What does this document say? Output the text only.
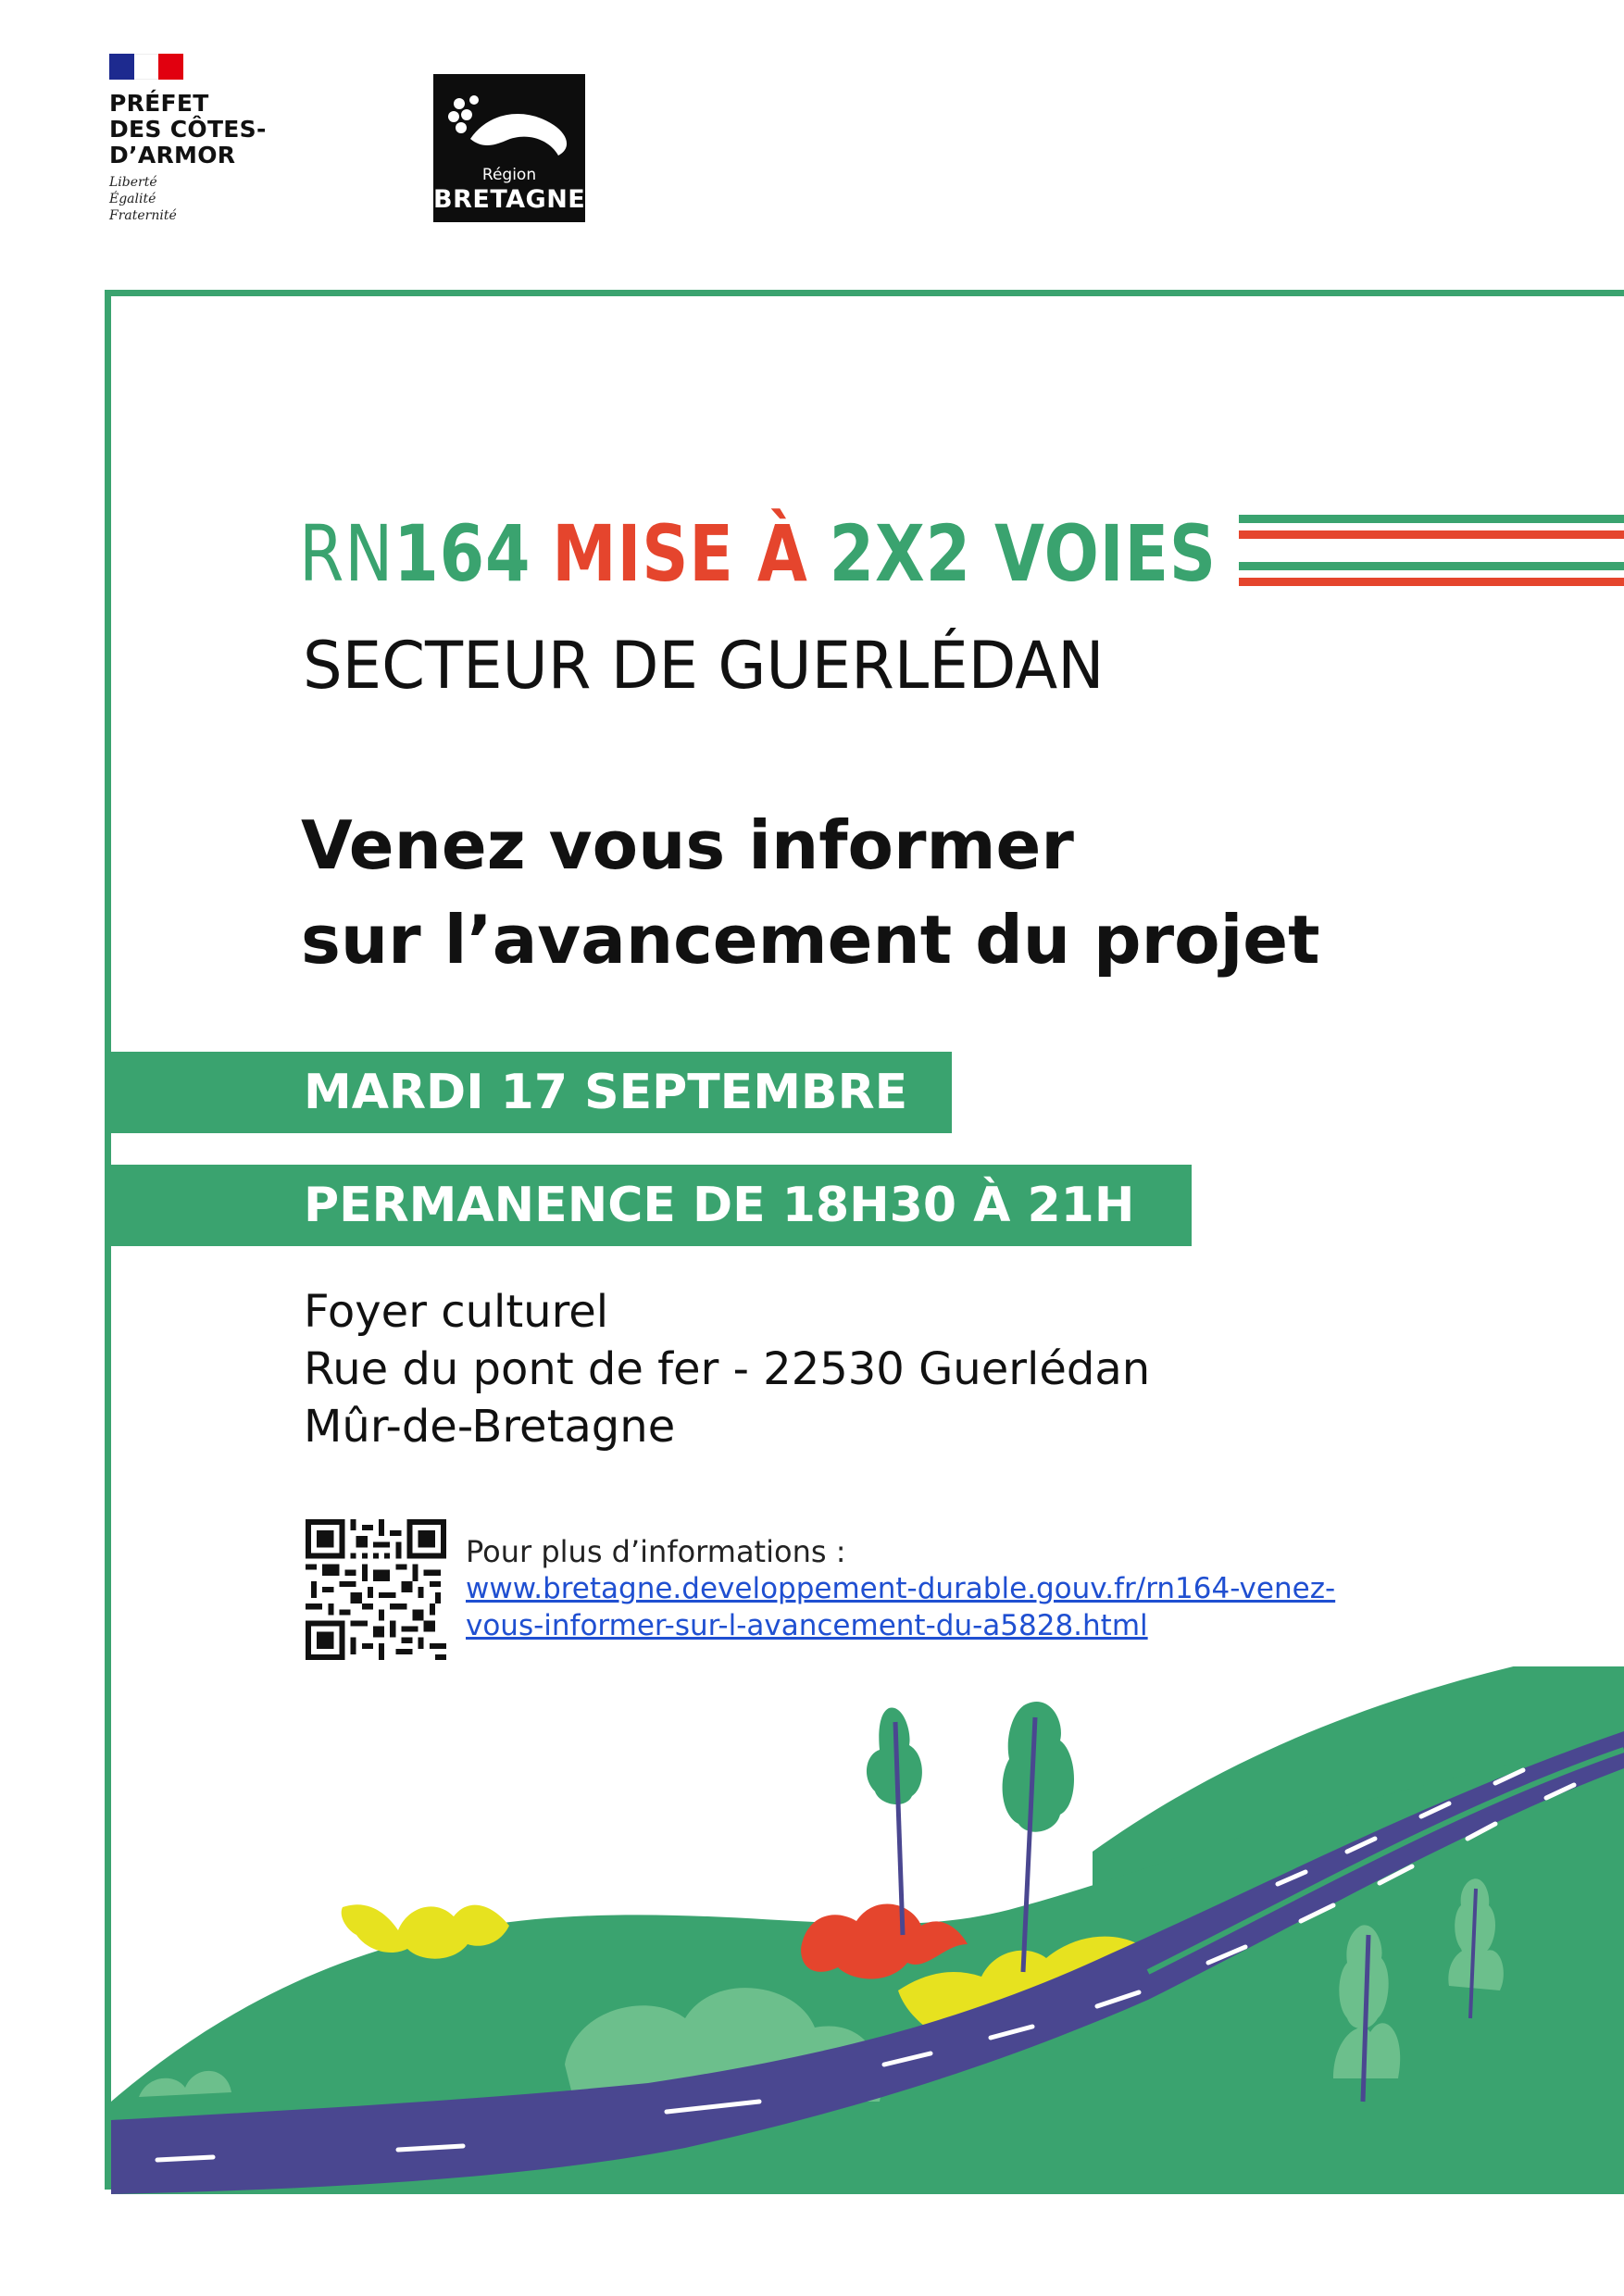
PRÉFET
DES CÔTES-
D’ARMOR
Liberté
Égalité
Fraternité
Région
BRETAGNE
RN164 MISE À 2X2 VOIES
SECTEUR DE GUERLÉDAN
Venez vous informer
sur l’avancement du projet
MARDI 17 SEPTEMBRE
PERMANENCE DE 18H30 À 21H
Foyer culturel
Rue du pont de fer - 22530 Guerlédan
Mûr-de-Bretagne
Pour plus d’informations :
www.bretagne.developpement-durable.gouv.fr/rn164-venez-
vous-informer-sur-l-avancement-du-a5828.html
